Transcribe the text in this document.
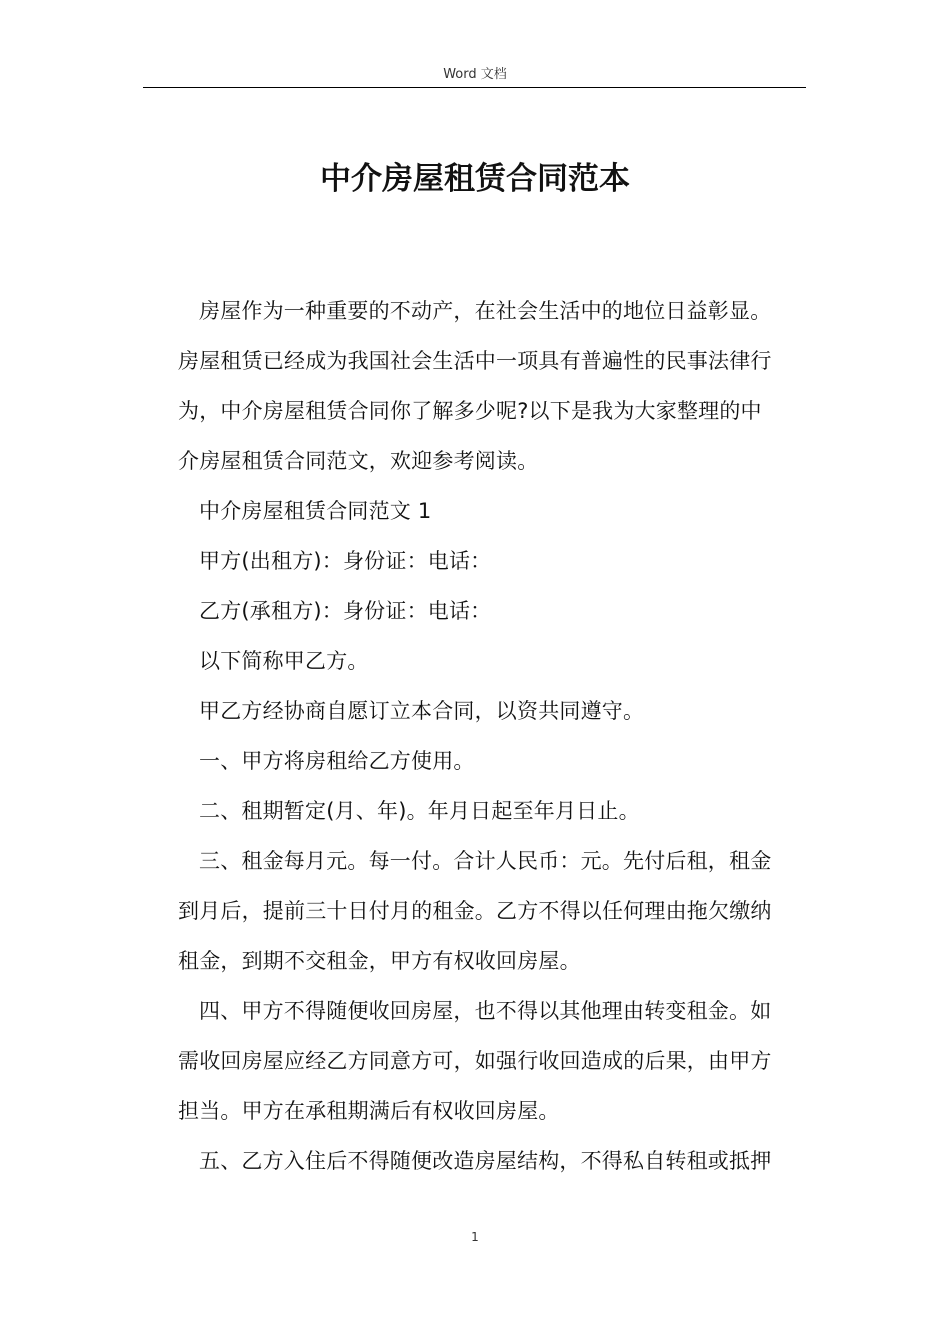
Word 文档
中介房屋租赁合同范本

房屋作为一种重要的不动产，在社会生活中的地位日益彰显。
房屋租赁已经成为我国社会生活中一项具有普遍性的民事法律行
为，中介房屋租赁合同你了解多少呢?以下是我为大家整理的中
介房屋租赁合同范文，欢迎参考阅读。
中介房屋租赁合同范文 1
甲方(出租方)：身份证：电话：
乙方(承租方)：身份证：电话：
以下简称甲乙方。
甲乙方经协商自愿订立本合同，以资共同遵守。
一、甲方将房租给乙方使用。
二、租期暂定(月、年)。年月日起至年月日止。
三、租金每月元。每一付。合计人民币：元。先付后租，租金
到月后，提前三十日付月的租金。乙方不得以任何理由拖欠缴纳
租金，到期不交租金，甲方有权收回房屋。
四、甲方不得随便收回房屋，也不得以其他理由转变租金。如
需收回房屋应经乙方同意方可，如强行收回造成的后果，由甲方
担当。甲方在承租期满后有权收回房屋。
五、乙方入住后不得随便改造房屋结构，不得私自转租或抵押

1
